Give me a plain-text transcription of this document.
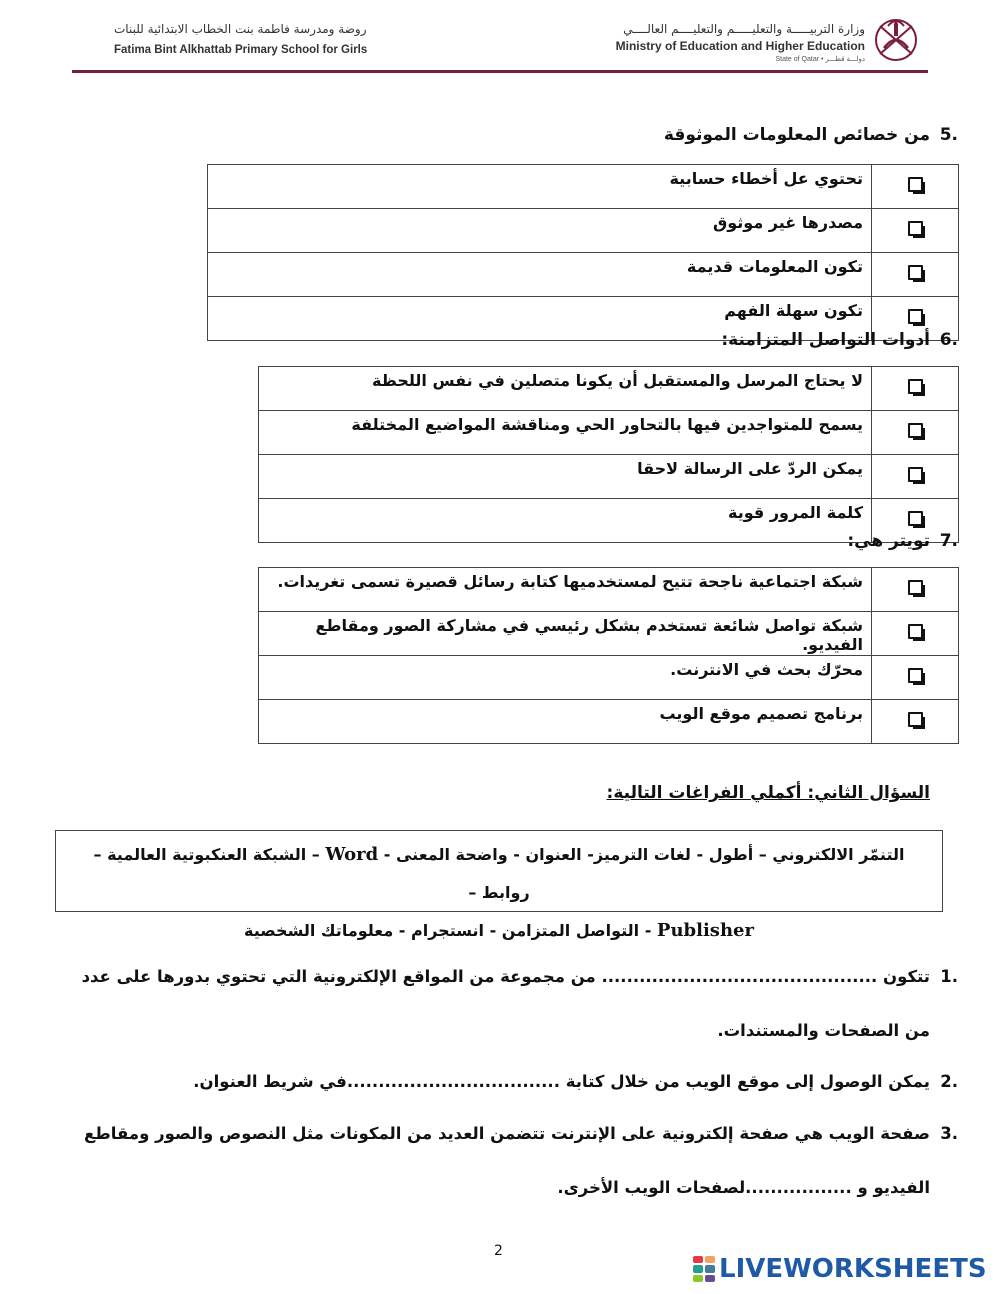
روضة ومدرسة فاطمة بنت الخطاب الابتدائية للبنات
Fatima Bint Alkhattab Primary School for Girls
وزارة التربيـــــة والتعليـــــم والتعليــــم العالــــي
Ministry of Education and Higher Education
State of Qatar • دولـــة قطـــر
5.
من خصائص المعلومات الموثوقة
	تحتوي عل أخطاء حسابية
	مصدرها غير موثوق
	تكون المعلومات قديمة
	تكون سهلة الفهم
6.
أدوات التواصل المتزامنة:
	لا يحتاج المرسل والمستقبل أن يكونا متصلين في نفس اللحظة
	يسمح للمتواجدين فيها بالتحاور الحي ومناقشة المواضيع المختلفة
	يمكن الردّ على الرسالة لاحقا
	كلمة المرور قوية
7.
تويتر هي:
	شبكة اجتماعية ناجحة تتيح لمستخدميها كتابة رسائل قصيرة تسمى تغريدات.
	شبكة تواصل شائعة تستخدم بشكل رئيسي في مشاركة الصور ومقاطع الفيديو.
	محرّك بحث في الانترنت.
	برنامج تصميم موقع الويب
السؤال الثاني: أكملي الفراغات التالية:
التنمّر الالكتروني – أطول - لغات الترميز- العنوان - واضحة المعنى - Word – الشبكة العنكبوتية العالمية – روابط –
Publisher - التواصل المتزامن - انستجرام - معلوماتك الشخصية
1.
تتكون ............................................ من مجموعة من المواقع الإلكترونية التي تحتوي بدورها على عدد من الصفحات والمستندات.
2.
يمكن الوصول إلى موقع الويب من خلال كتابة ..................................في شريط العنوان.
3.
صفحة الويب هي صفحة إلكترونية على الإنترنت تتضمن العديد من المكونات مثل النصوص والصور ومقاطع الفيديو و .................لصفحات الويب الأخرى.
2
LIVEWORKSHEETS
